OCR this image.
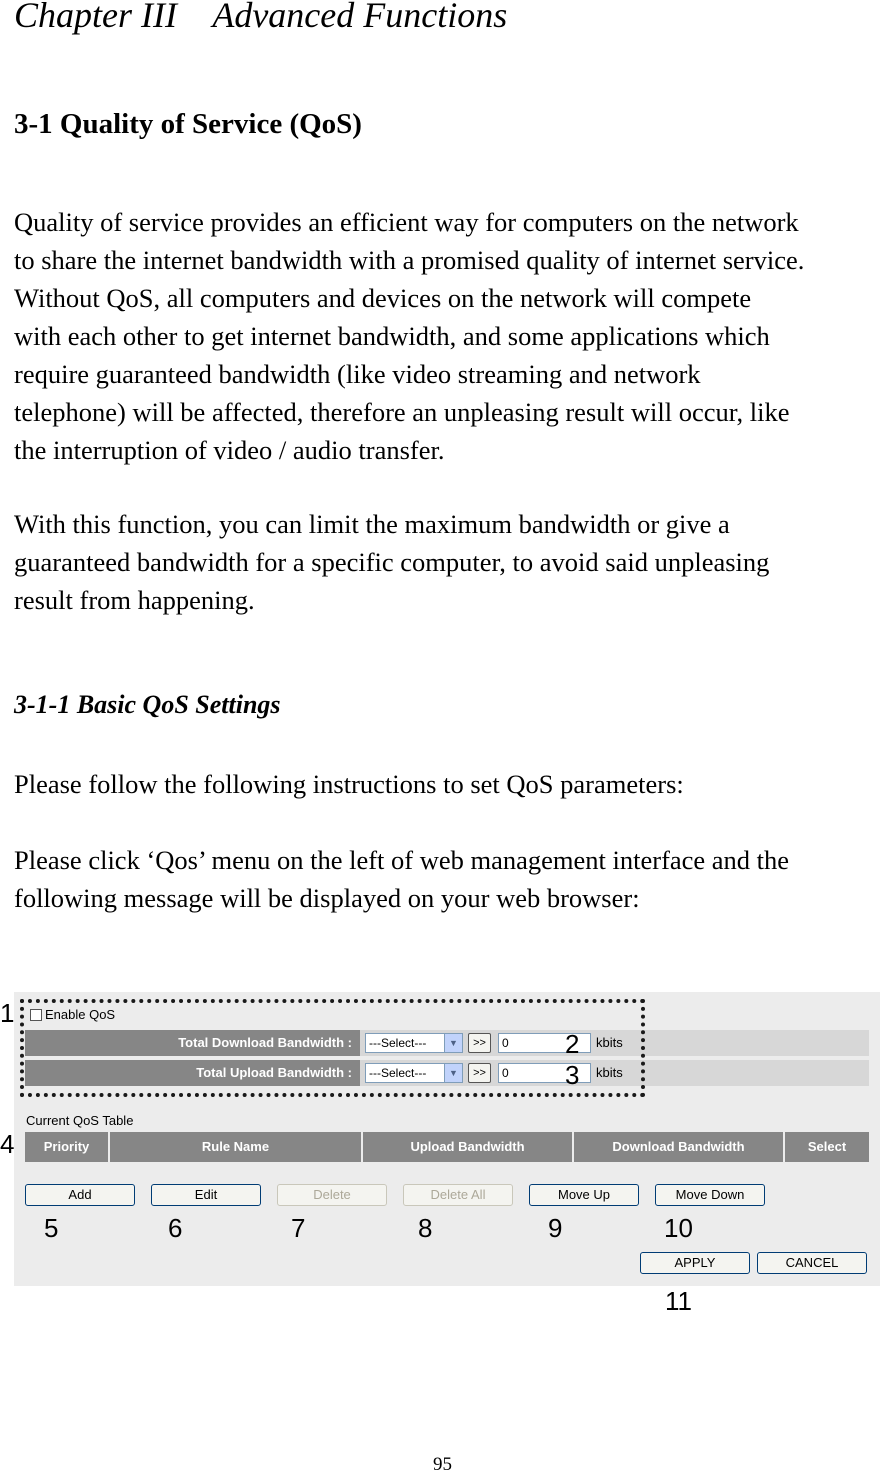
Chapter III Advanced Functions
3-1 Quality of Service (QoS)
Quality of service provides an efficient way for computers on the network
to share the internet bandwidth with a promised quality of internet service.
Without QoS, all computers and devices on the network will compete
with each other to get internet bandwidth, and some applications which
require guaranteed bandwidth (like video streaming and network
telephone) will be affected, therefore an unpleasing result will occur, like
the interruption of video / audio transfer.
With this function, you can limit the maximum bandwidth or give a
guaranteed bandwidth for a specific computer, to avoid said unpleasing
result from happening.
3-1-1 Basic QoS Settings
Please follow the following instructions to set QoS parameters:
Please click ‘Qos’ menu on the left of web management interface and the
following message will be displayed on your web browser:
Enable QoS
Total Download Bandwidth :	---Select---	▼	>>	0	kbits
Total Upload Bandwidth :	---Select---	▼	>>	0	kbits
Current QoS Table
Priority	Rule Name	Upload Bandwidth	Download Bandwidth	Select
Add	Edit	Delete	Delete All	Move Up	Move Down
APPLY	CANCEL
1
2
3
4
5	6	7	8	9	10
11
95
